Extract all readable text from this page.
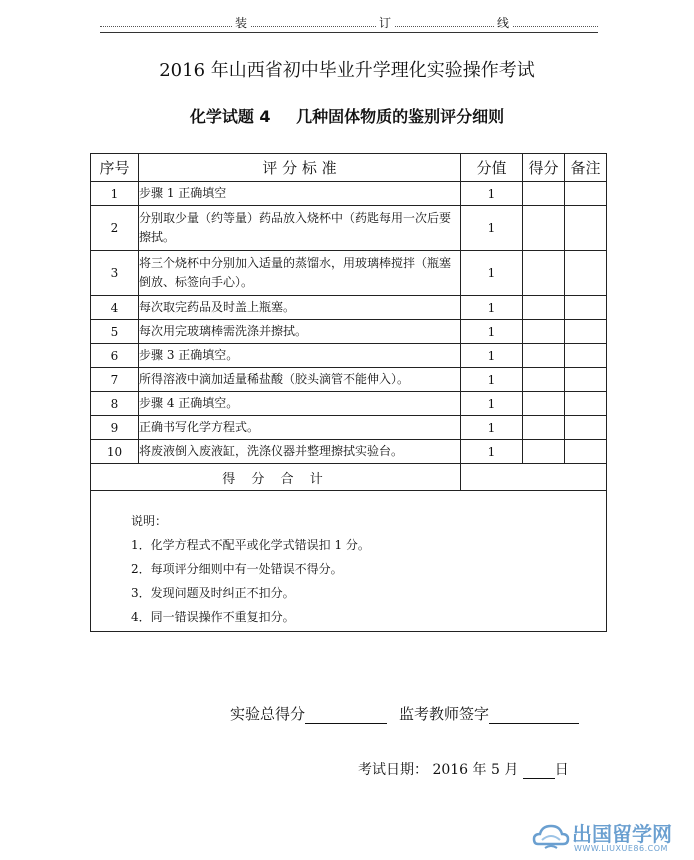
装	订	线
2016 年山西省初中毕业升学理化实验操作考试
化学试题 4 几种固体物质的鉴别评分细则
序号	评 分 标 准	分值	得分	备注
1	步骤 1 正确填空	1		
2	分别取少量（约等量）药品放入烧杯中（药匙每用一次后要擦拭。	1		
3	将三个烧杯中分别加入适量的蒸馏水，用玻璃棒搅拌（瓶塞倒放、标签向手心）。	1		
4	每次取完药品及时盖上瓶塞。	1		
5	每次用完玻璃棒需洗涤并擦拭。	1		
6	步骤 3 正确填空。	1		
7	所得溶液中滴加适量稀盐酸（胶头滴管不能伸入）。	1		
8	步骤 4 正确填空。	1		
9	正确书写化学方程式。	1		
10	将废液倒入废液缸，洗涤仪器并整理擦拭实验台。	1		
得 分 合 计				

说明：
1．化学方程式不配平或化学式错误扣 1 分。
2．每项评分细则中有一处错误不得分。
3．发现问题及时纠正不扣分。
4．同一错误操作不重复扣分。				
实验总得分	监考教师签字
考试日期： 2016 年 5 月	日
出国留学网
WWW.LIUXUE86.COM
